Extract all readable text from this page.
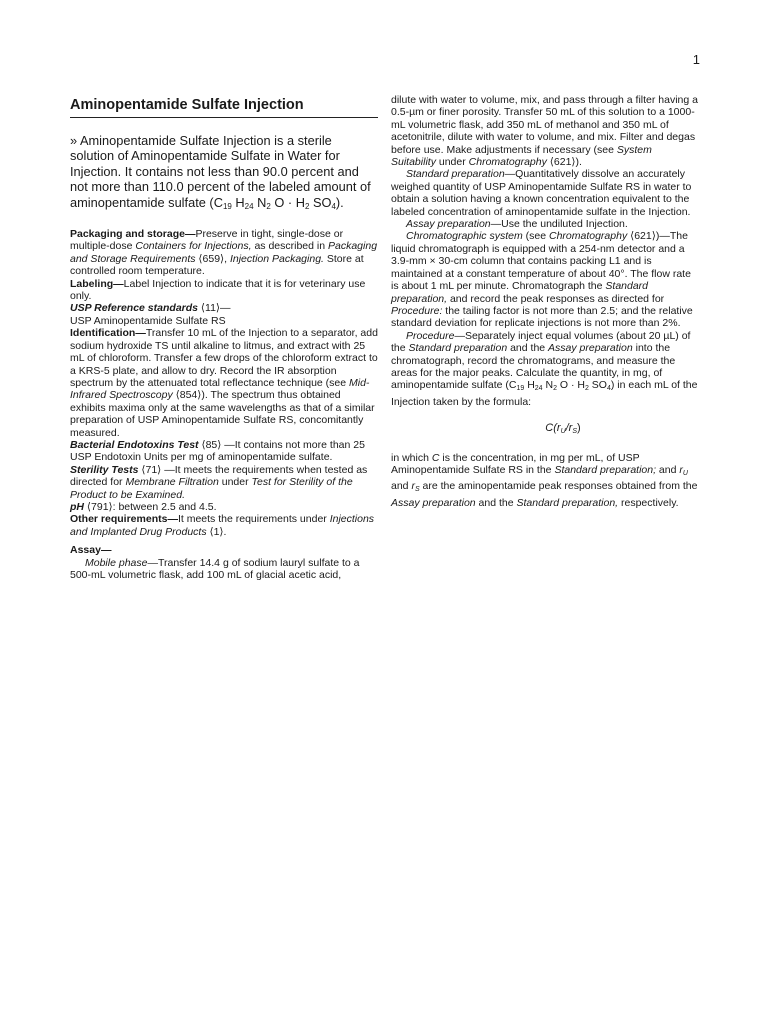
1
Aminopentamide Sulfate Injection

» Aminopentamide Sulfate Injection is a sterile solution of Aminopentamide Sulfate in Water for Injection. It contains not less than 90.0 percent and not more than 110.0 percent of the labeled amount of aminopentamide sulfate ($C_{19}$ $H_{24}$ $N_2$ $O \cdot H_2$ $SO_4$).

Packaging and storage—Preserve in tight, single-dose or multiple-dose Containers for Injections, as described in Packaging and Storage Requirements ⟨659⟩, Injection Packaging. Store at controlled room temperature.

Labeling—Label Injection to indicate that it is for veterinary use only.

USP Reference standards ⟨11⟩—
USP Aminopentamide Sulfate RS

Identification—Transfer 10 mL of the Injection to a separator, add sodium hydroxide TS until alkaline to litmus, and extract with 25 mL of chloroform. Transfer a few drops of the chloroform extract to a KRS-5 plate, and allow to dry. Record the IR absorption spectrum by the attenuated total reflectance technique (see Mid-Infrared Spectroscopy ⟨854⟩). The spectrum thus obtained exhibits maxima only at the same wavelengths as that of a similar preparation of USP Aminopentamide Sulfate RS, concomitantly measured.

Bacterial Endotoxins Test ⟨85⟩ —It contains not more than 25 USP Endotoxin Units per mg of aminopentamide sulfate.

Sterility Tests ⟨71⟩ —It meets the requirements when tested as directed for Membrane Filtration under Test for Sterility of the Product to be Examined.

pH ⟨791⟩: between 2.5 and 4.5.

Other requirements—It meets the requirements under Injections and Implanted Drug Products ⟨1⟩.

Assay—

Mobile phase—Transfer 14.4 g of sodium lauryl sulfate to a 500-mL volumetric flask, add 100 mL of glacial acetic acid,

dilute with water to volume, mix, and pass through a filter having a 0.5-µm or finer porosity. Transfer 50 mL of this solution to a 1000-mL volumetric flask, add 350 mL of methanol and 350 mL of acetonitrile, dilute with water to volume, and mix. Filter and degas before use. Make adjustments if necessary (see System Suitability under Chromatography ⟨621⟩).

Standard preparation—Quantitatively dissolve an accurately weighed quantity of USP Aminopentamide Sulfate RS in water to obtain a solution having a known concentration equivalent to the labeled concentration of aminopentamide sulfate in the Injection.

Assay preparation—Use the undiluted Injection.

Chromatographic system (see Chromatography ⟨621⟩)—The liquid chromatograph is equipped with a 254-nm detector and a 3.9-mm × 30-cm column that contains packing L1 and is maintained at a constant temperature of about 40°. The flow rate is about 1 mL per minute. Chromatograph the Standard preparation, and record the peak responses as directed for Procedure: the tailing factor is not more than 2.5; and the relative standard deviation for replicate injections is not more than 2%.

Procedure—Separately inject equal volumes (about 20 µL) of the Standard preparation and the Assay preparation into the chromatograph, record the chromatograms, and measure the areas for the major peaks. Calculate the quantity, in mg, of aminopentamide sulfate (C19 H24 N2 O · H2 SO4) in each mL of the Injection taken by the formula:

C(rU/rS)

in which C is the concentration, in mg per mL, of USP Aminopentamide Sulfate RS in the Standard preparation; and rU and rS are the aminopentamide peak responses obtained from the Assay preparation and the Standard preparation, respectively.
